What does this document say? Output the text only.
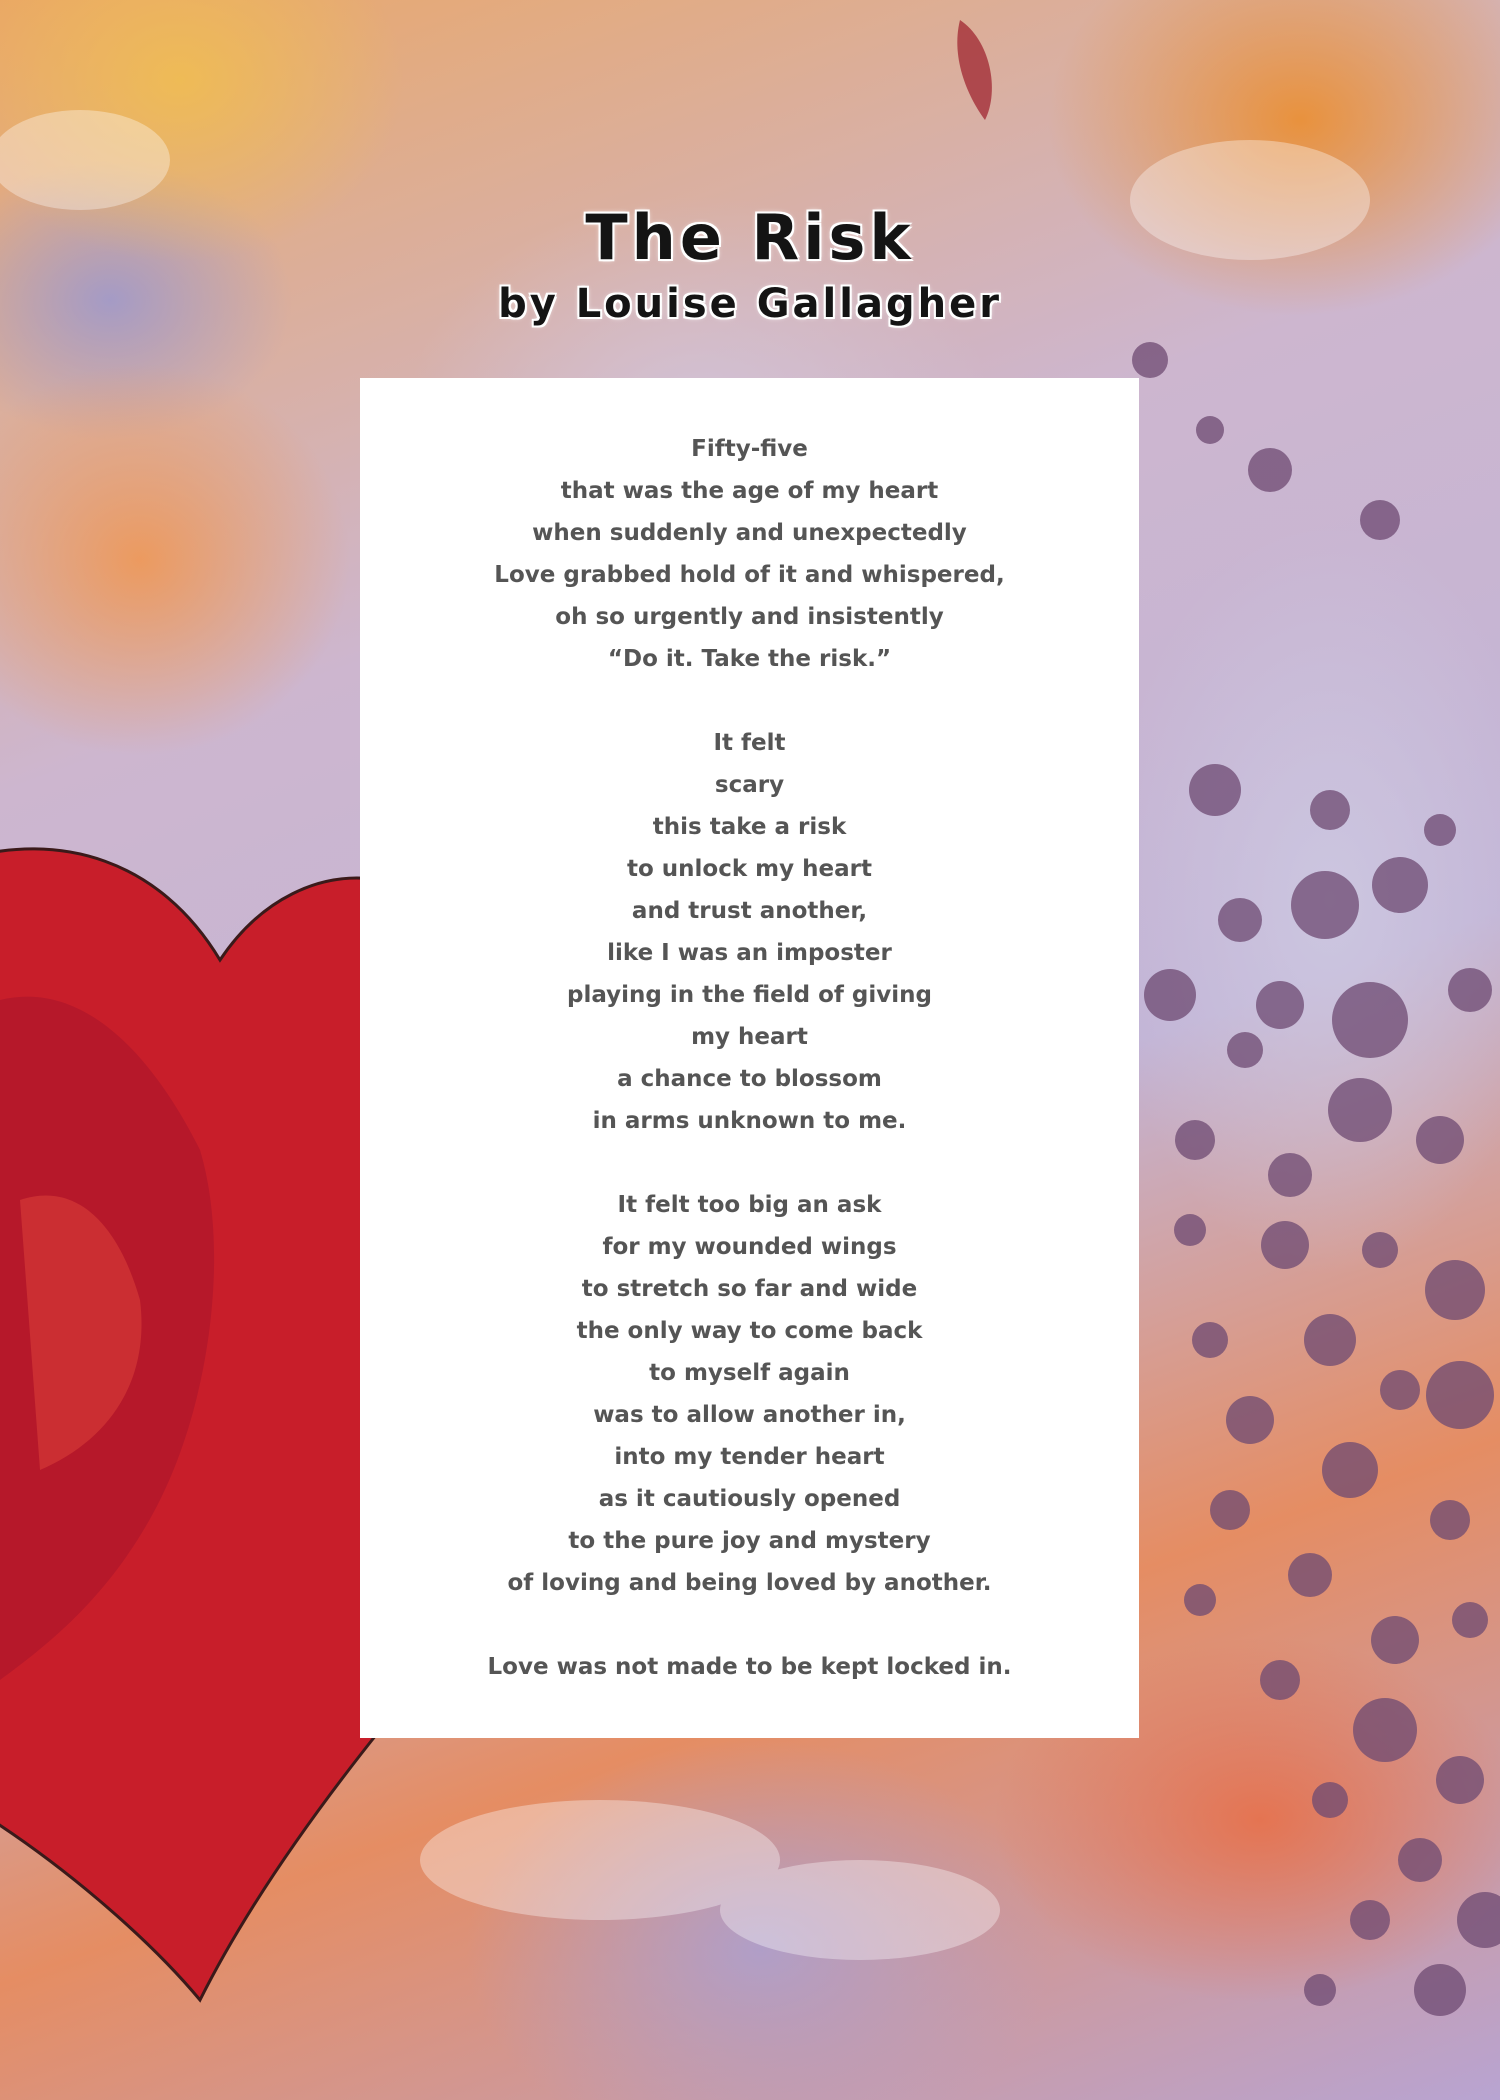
The Risk
by Louise Gallagher
Fifty-five
that was the age of my heart
when suddenly and unexpectedly
Love grabbed hold of it and whispered,
oh so urgently and insistently
“Do it. Take the risk.”
It felt
scary
this take a risk
to unlock my heart
and trust another,
like I was an imposter
playing in the field of giving
my heart
a chance to blossom
in arms unknown to me.
It felt too big an ask
for my wounded wings
to stretch so far and wide
the only way to come back
to myself again
was to allow another in,
into my tender heart
as it cautiously opened
to the pure joy and mystery
of loving and being loved by another.
Love was not made to be kept locked in.
